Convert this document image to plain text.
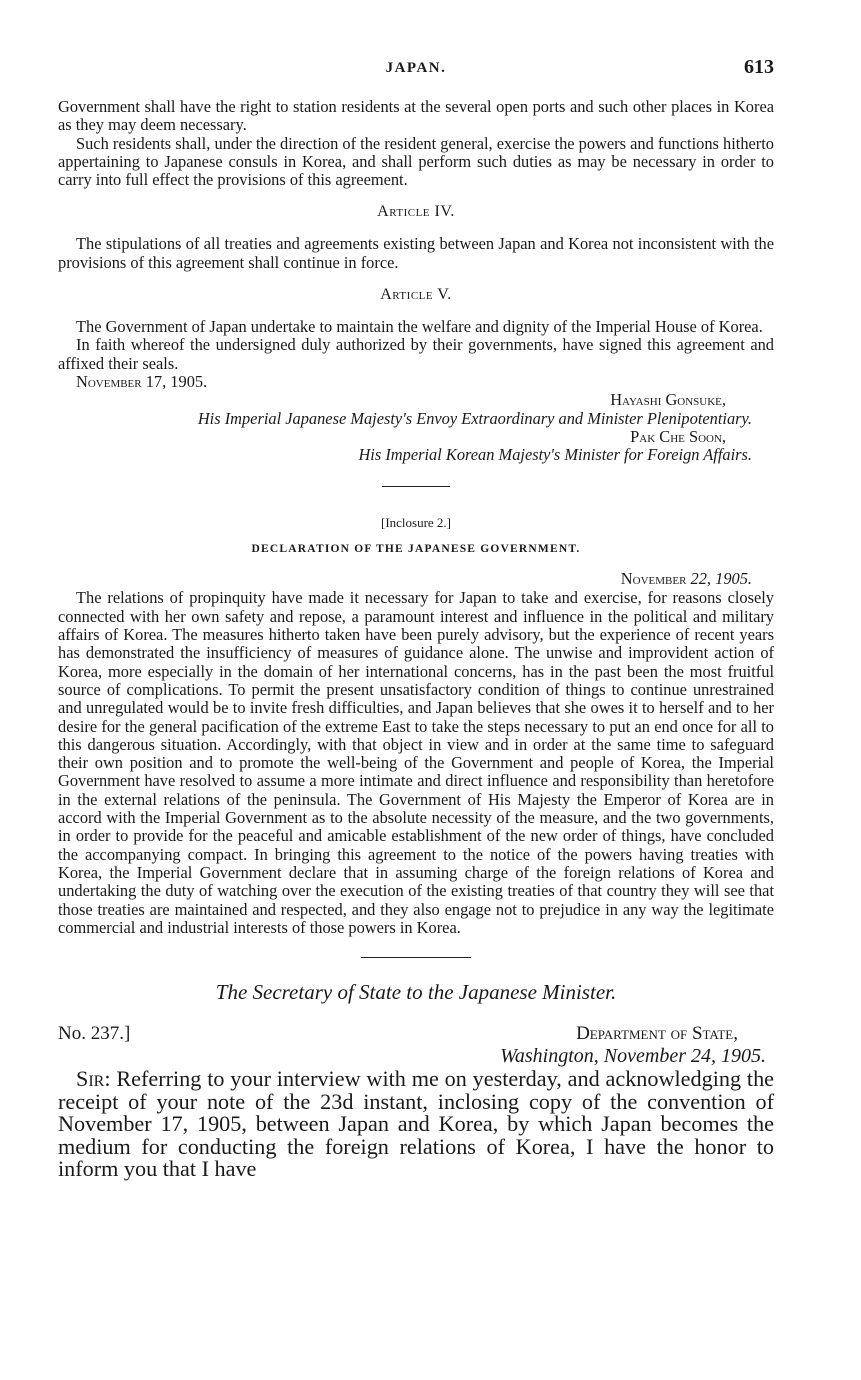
JAPAN.	613

Government shall have the right to station residents at the several open ports and such other places in Korea as they may deem necessary.

Such residents shall, under the direction of the resident general, exercise the powers and functions hitherto appertaining to Japanese consuls in Korea, and shall perform such duties as may be necessary in order to carry into full effect the provisions of this agreement.

Article IV.

The stipulations of all treaties and agreements existing between Japan and Korea not inconsistent with the provisions of this agreement shall continue in force.

Article V.

The Government of Japan undertake to maintain the welfare and dignity of the Imperial House of Korea.

In faith whereof the undersigned duly authorized by their governments, have signed this agreement and affixed their seals.

November 17, 1905.

Hayashi Gonsuke,
His Imperial Japanese Majesty's Envoy Extraordinary and Minister Plenipotentiary.
Pak Che Soon,
His Imperial Korean Majesty's Minister for Foreign Affairs.
[Inclosure 2.]
DECLARATION OF THE JAPANESE GOVERNMENT.
November 22, 1905.

The relations of propinquity have made it necessary for Japan to take and exercise, for reasons closely connected with her own safety and repose, a paramount interest and influence in the political and military affairs of Korea. The measures hitherto taken have been purely advisory, but the experience of recent years has demonstrated the insufficiency of measures of guidance alone. The unwise and improvident action of Korea, more especially in the domain of her international concerns, has in the past been the most fruitful source of complications. To permit the present unsatisfactory condition of things to continue unrestrained and unregulated would be to invite fresh difficulties, and Japan believes that she owes it to herself and to her desire for the general pacification of the extreme East to take the steps necessary to put an end once for all to this dangerous situation. Accordingly, with that object in view and in order at the same time to safeguard their own position and to promote the well-being of the Government and people of Korea, the Imperial Government have resolved to assume a more intimate and direct influence and responsibility than heretofore in the external relations of the peninsula. The Government of His Majesty the Emperor of Korea are in accord with the Imperial Government as to the absolute necessity of the measure, and the two governments, in order to provide for the peaceful and amicable establishment of the new order of things, have concluded the accompanying compact. In bringing this agreement to the notice of the powers having treaties with Korea, the Imperial Government declare that in assuming charge of the foreign relations of Korea and undertaking the duty of watching over the execution of the existing treaties of that country they will see that those treaties are maintained and respected, and they also engage not to prejudice in any way the legitimate commercial and industrial interests of those powers in Korea.

The Secretary of State to the Japanese Minister.
No. 237.]	Department of State,
Washington, November 24, 1905.

Sir: Referring to your interview with me on yesterday, and acknowledging the receipt of your note of the 23d instant, inclosing copy of the convention of November 17, 1905, between Japan and Korea, by which Japan becomes the medium for conducting the foreign relations of Korea, I have the honor to inform you that I have
